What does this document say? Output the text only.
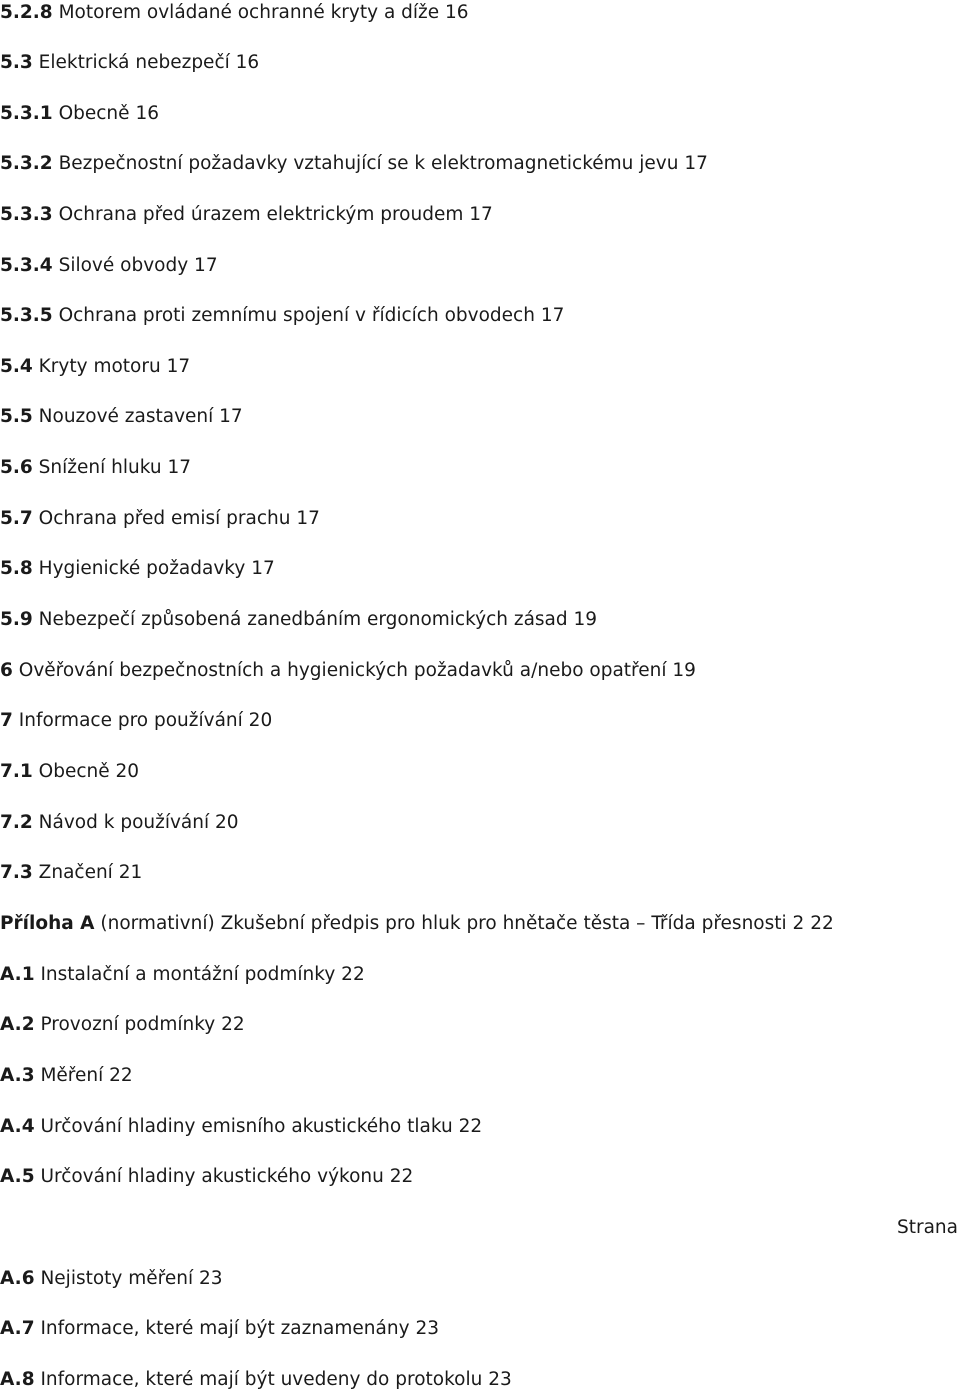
5.2.8 Motorem ovládané ochranné kryty a díže 16
5.3 Elektrická nebezpečí 16
5.3.1 Obecně 16
5.3.2 Bezpečnostní požadavky vztahující se k elektromagnetickému jevu 17
5.3.3 Ochrana před úrazem elektrickým proudem 17
5.3.4 Silové obvody 17
5.3.5 Ochrana proti zemnímu spojení v řídicích obvodech 17
5.4 Kryty motoru 17
5.5 Nouzové zastavení 17
5.6 Snížení hluku 17
5.7 Ochrana před emisí prachu 17
5.8 Hygienické požadavky 17
5.9 Nebezpečí způsobená zanedbáním ergonomických zásad 19
6 Ověřování bezpečnostních a hygienických požadavků a/nebo opatření 19
7 Informace pro používání 20
7.1 Obecně 20
7.2 Návod k používání 20
7.3 Značení 21
Příloha A (normativní) Zkušební předpis pro hluk pro hnětače těsta – Třída přesnosti 2 22
A.1 Instalační a montážní podmínky 22
A.2 Provozní podmínky 22
A.3 Měření 22
A.4 Určování hladiny emisního akustického tlaku 22
A.5 Určování hladiny akustického výkonu 22
A.6 Nejistoty měření 23
A.7 Informace, které mají být zaznamenány 23
A.8 Informace, které mají být uvedeny do protokolu 23
Strana
